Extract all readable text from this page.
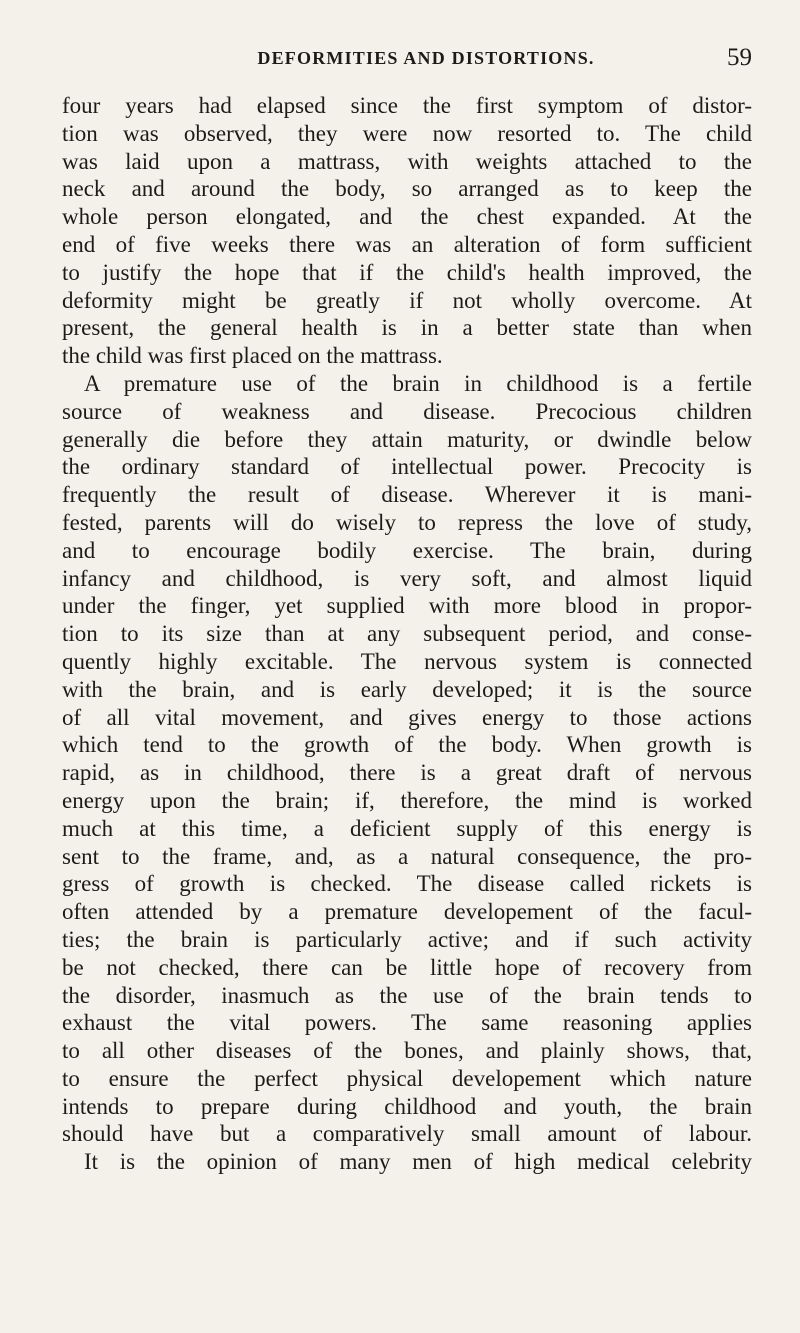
DEFORMITIES AND DISTORTIONS.	59
four years had elapsed since the first symptom of distor-
tion was observed, they were now resorted to. The child
was laid upon a mattrass, with weights attached to the
neck and around the body, so arranged as to keep the
whole person elongated, and the chest expanded. At the
end of five weeks there was an alteration of form sufficient
to justify the hope that if the child's health improved, the
deformity might be greatly if not wholly overcome. At
present, the general health is in a better state than when
the child was first placed on the mattrass.
A premature use of the brain in childhood is a fertile
source of weakness and disease. Precocious children
generally die before they attain maturity, or dwindle below
the ordinary standard of intellectual power. Precocity is
frequently the result of disease. Wherever it is mani-
fested, parents will do wisely to repress the love of study,
and to encourage bodily exercise. The brain, during
infancy and childhood, is very soft, and almost liquid
under the finger, yet supplied with more blood in propor-
tion to its size than at any subsequent period, and conse-
quently highly excitable. The nervous system is connected
with the brain, and is early developed; it is the source
of all vital movement, and gives energy to those actions
which tend to the growth of the body. When growth is
rapid, as in childhood, there is a great draft of nervous
energy upon the brain; if, therefore, the mind is worked
much at this time, a deficient supply of this energy is
sent to the frame, and, as a natural consequence, the pro-
gress of growth is checked. The disease called rickets is
often attended by a premature developement of the facul-
ties; the brain is particularly active; and if such activity
be not checked, there can be little hope of recovery from
the disorder, inasmuch as the use of the brain tends to
exhaust the vital powers. The same reasoning applies
to all other diseases of the bones, and plainly shows, that,
to ensure the perfect physical developement which nature
intends to prepare during childhood and youth, the brain
should have but a comparatively small amount of labour.
It is the opinion of many men of high medical celebrity
